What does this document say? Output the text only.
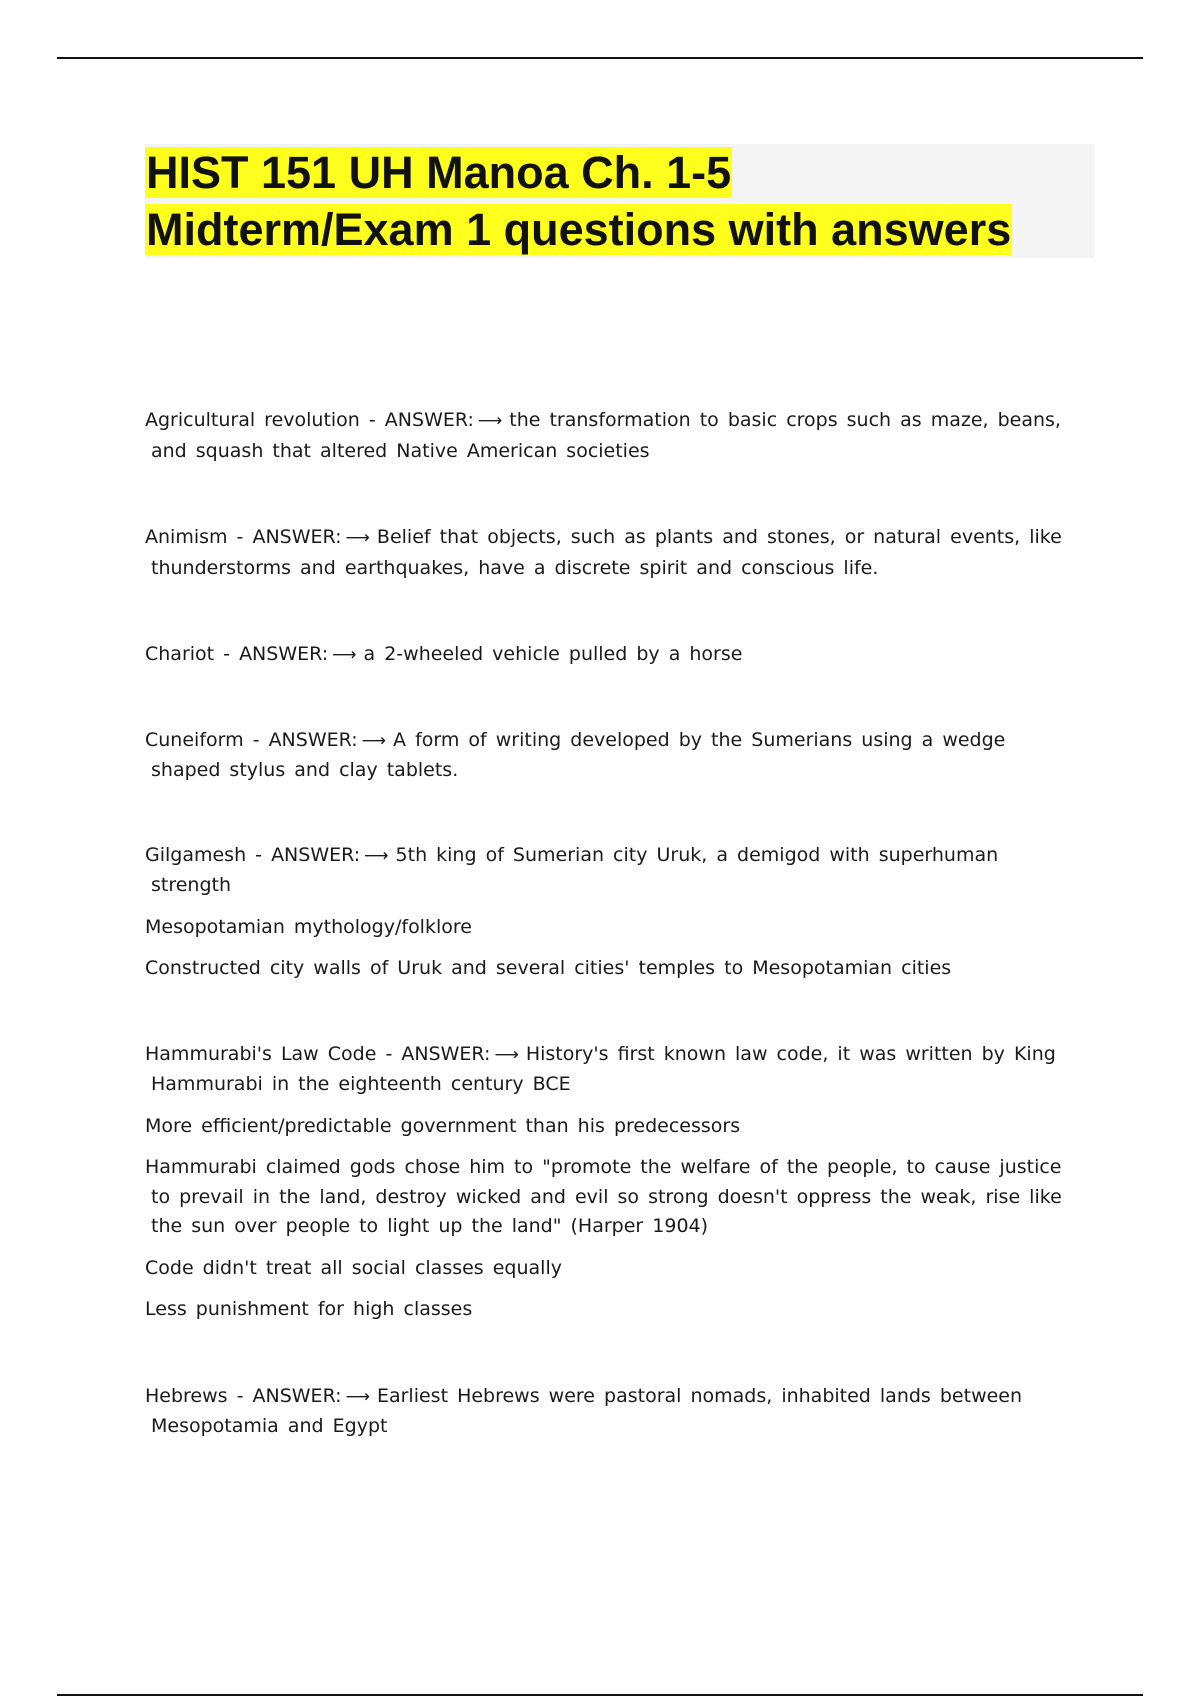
HIST 151 UH Manoa Ch. 1-5
Midterm/Exam 1 questions with answers

Agricultural revolution - ANSWER: ⟶ the transformation to basic crops such as maze, beans, and squash that altered Native American societies

Animism - ANSWER: ⟶ Belief that objects, such as plants and stones, or natural events, like thunderstorms and earthquakes, have a discrete spirit and conscious life.

Chariot - ANSWER: ⟶ a 2-wheeled vehicle pulled by a horse

Cuneiform - ANSWER: ⟶ A form of writing developed by the Sumerians using a wedge shaped stylus and clay tablets.

Gilgamesh - ANSWER: ⟶ 5th king of Sumerian city Uruk, a demigod with superhuman strength

Mesopotamian mythology/folklore

Constructed city walls of Uruk and several cities' temples to Mesopotamian cities

Hammurabi's Law Code - ANSWER: ⟶ History's first known law code, it was written by King Hammurabi in the eighteenth century BCE

More efficient/predictable government than his predecessors

Hammurabi claimed gods chose him to "promote the welfare of the people, to cause justice to prevail in the land, destroy wicked and evil so strong doesn't oppress the weak, rise like the sun over people to light up the land" (Harper 1904)

Code didn't treat all social classes equally

Less punishment for high classes

Hebrews - ANSWER: ⟶ Earliest Hebrews were pastoral nomads, inhabited lands between Mesopotamia and Egypt
